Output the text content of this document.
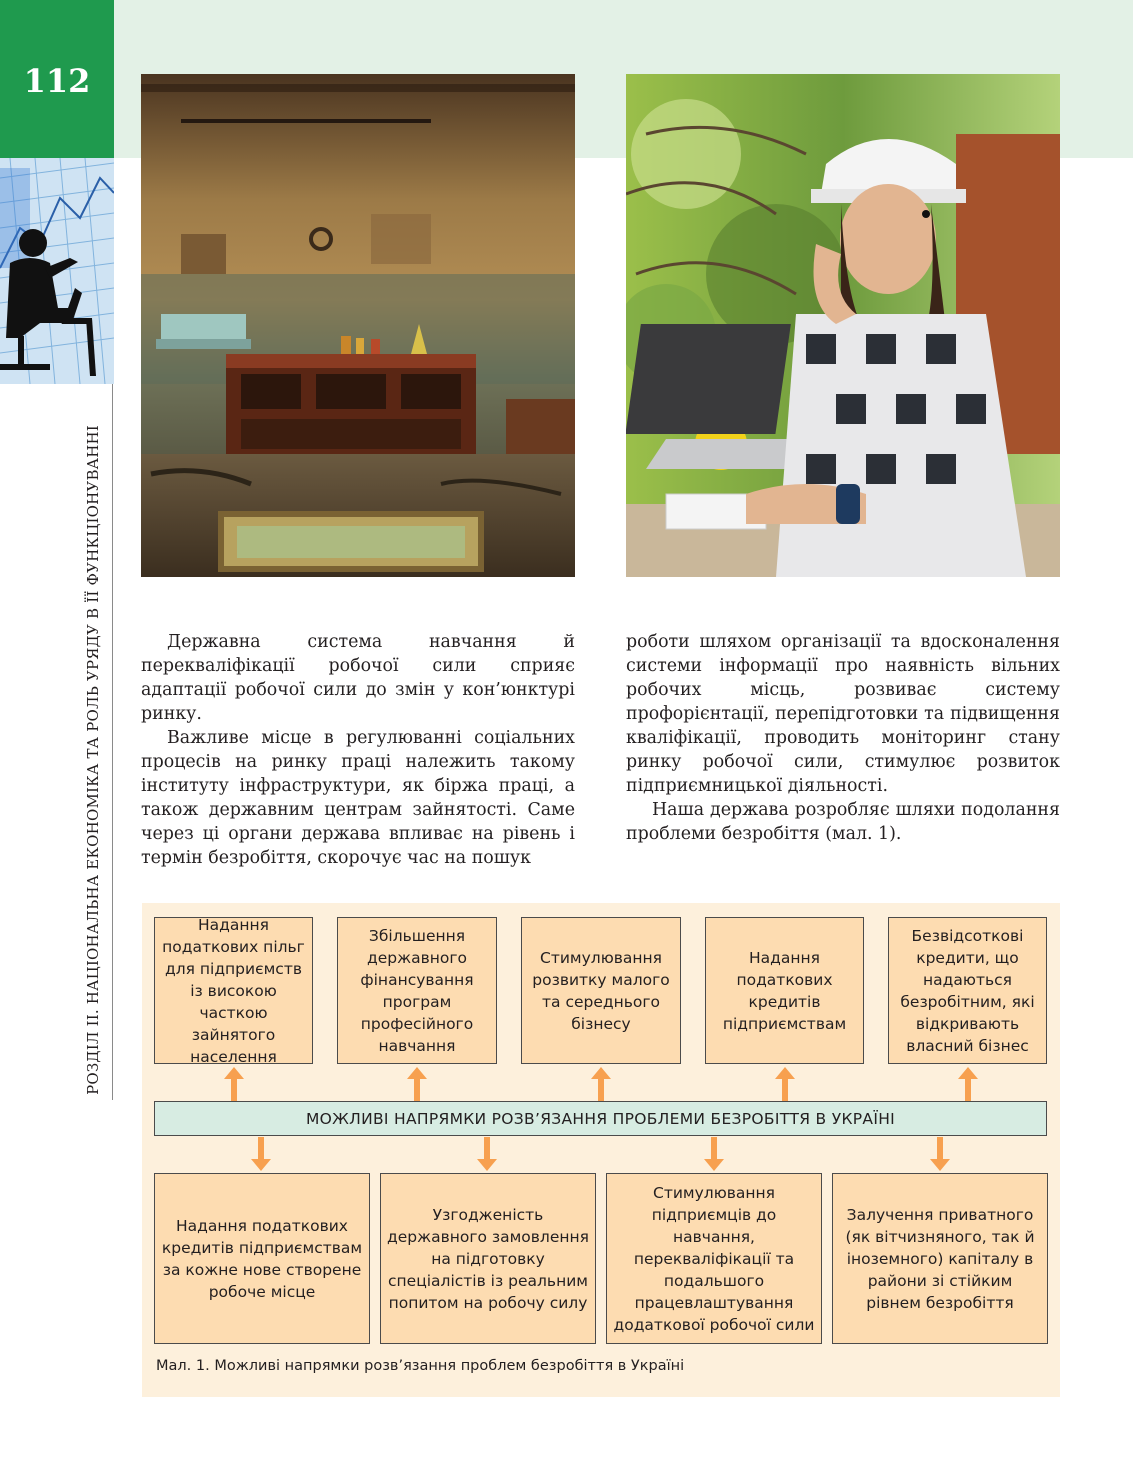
112
РОЗДІЛ ІІ. НАЦІОНАЛЬНА ЕКОНОМІКА ТА РОЛЬ УРЯДУ В ЇЇ ФУНКЦІОНУВАННІ	Державна система навчання й перекваліфікації робочої сили сприяє адаптації робочої сили до змін у кон’юнктурі ринку.

Важливе місце в регулюванні соціальних процесів на ринку праці належить такому інституту інфраструктури, як біржа праці, а також державним центрам зайнятості. Саме через ці органи держава впливає на рівень і термін безробіття, скорочує час на пошук

роботи шляхом організації та вдосконалення системи інформації про наявність вільних робочих місць, розвиває систему профорієнтації, перепідготовки та підвищення кваліфікації, проводить моніторинг стану ринку робочої сили, стимулює розвиток підприємницької діяльності.

Наша держава розробляє шляхи подолання проблеми безробіття (мал. 1).

Надання податкових пільг для підприємств із високою часткою зайнятого населення
Збільшення державного фінансування програм професійного навчання
Стимулювання розвитку малого та середнього бізнесу
Надання податкових кредитів підприємствам
Безвідсоткові кредити, що надаються безробітним, які відкривають власний бізнес
МОЖЛИВІ НАПРЯМКИ РОЗВ’ЯЗАННЯ ПРОБЛЕМИ БЕЗРОБІТТЯ В УКРАЇНІ
Надання податкових кредитів підприємствам за кожне нове створене робоче місце
Узгодженість державного замовлення на підготовку спеціалістів із реальним попитом на робочу силу
Стимулювання підприємців до навчання, перекваліфікації та подальшого працевлаштування додаткової робочої сили
Залучення приватного (як вітчизняного, так й іноземного) капіталу в райони зі стійким рівнем безробіття
Мал. 1. Можливі напрямки розв’язання проблем безробіття в Україні
